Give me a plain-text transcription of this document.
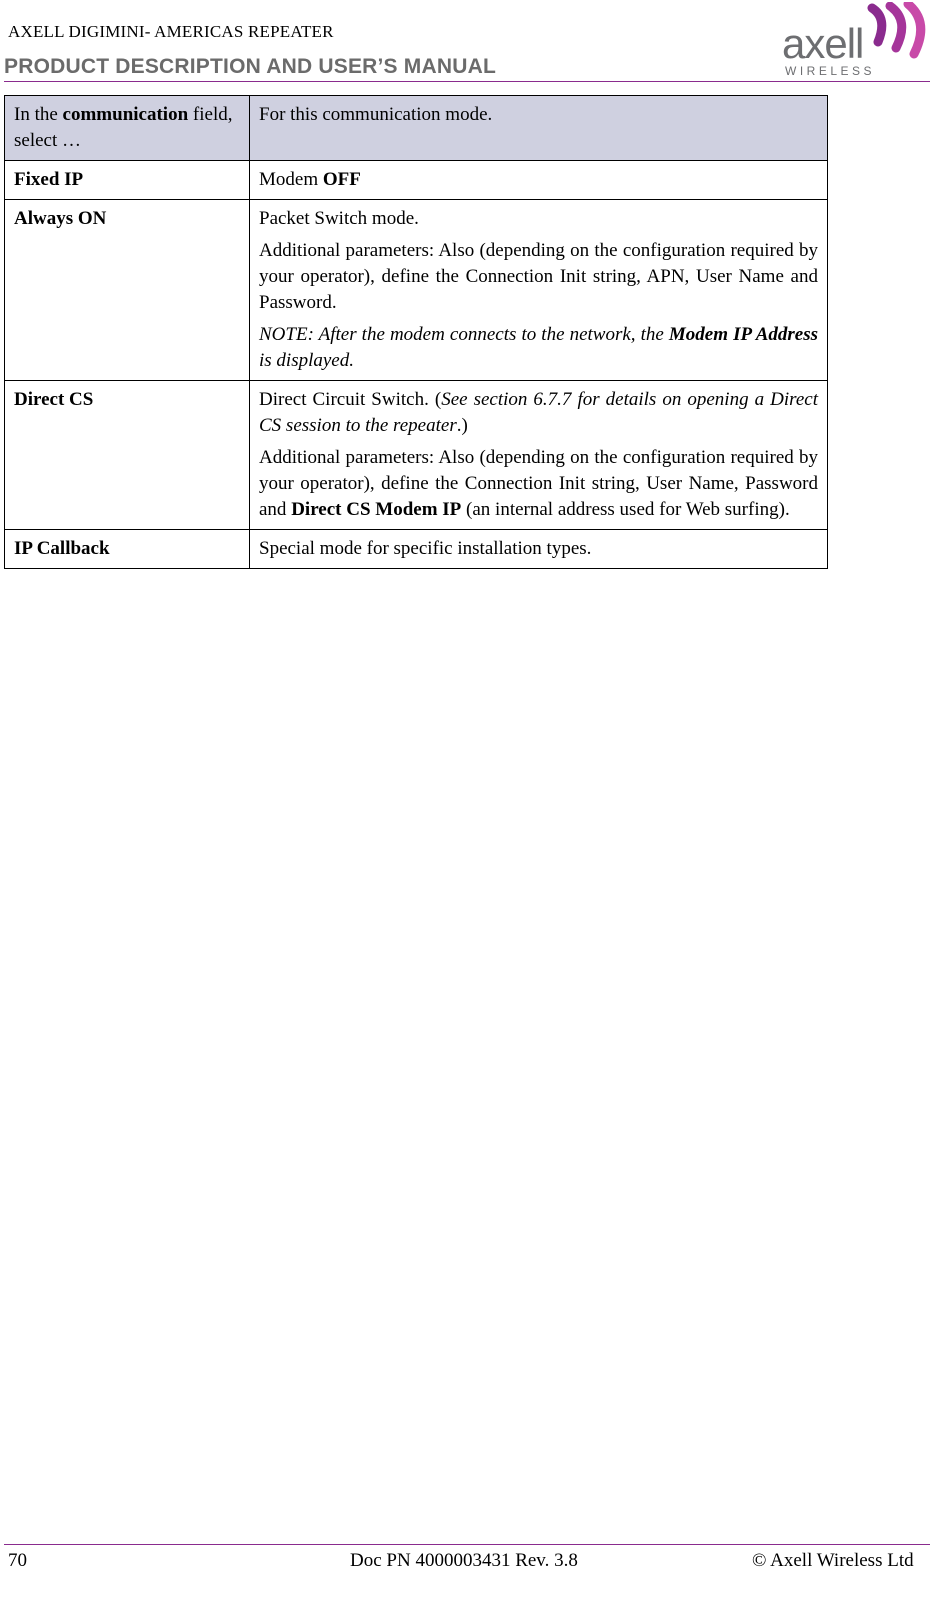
AXELL DIGIMINI- AMERICAS REPEATER
PRODUCT DESCRIPTION AND USER’S MANUAL	axell
WIRELESS
In the communication field, select …	For this communication mode.
Fixed IP	Modem OFF
Always ON	Packet Switch mode.

Additional parameters: Also (depending on the configuration required by your operator), define the Connection Init string, APN, User Name and Password.

NOTE: After the modem connects to the network, the Modem IP Address is displayed.

Direct CS	Direct Circuit Switch. (See section 6.7.7 for details on opening a Direct CS session to the repeater.)

Additional parameters: Also (depending on the configuration required by your operator), define the Connection Init string, User Name, Password and Direct CS Modem IP (an internal address used for Web surfing).

IP Callback	Special mode for specific installation types.
70	Doc PN 4000003431 Rev. 3.8	© Axell Wireless Ltd
